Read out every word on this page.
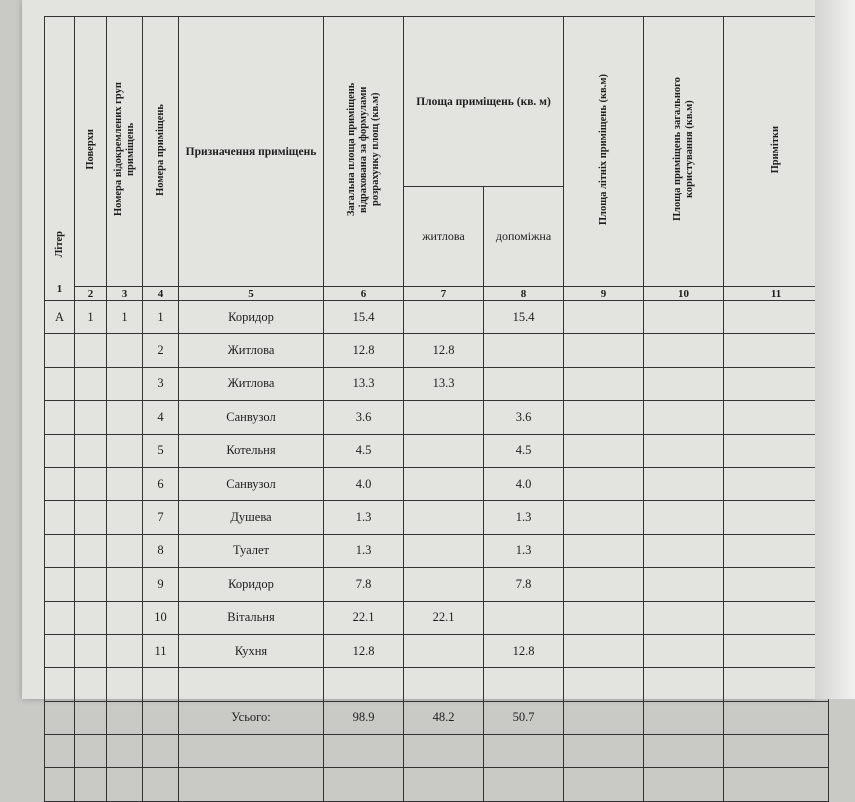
Літер
1	Поверхи	Номера відокремлених груп приміщень	Номера приміщень	Призначення приміщень	Загальна площа приміщень відрахована за формулами розрахунку площ (кв.м)	Площа приміщень (кв. м)		Площа літніх приміщень (кв.м)	Площа приміщень загального користування (кв.м)	Примітки
						житлова	допоміжна			
	2	3	4	5	6	7	8	9	10	11
А	1	1	1	Коридор	15.4		15.4			
			2	Житлова	12.8	12.8				
			3	Житлова	13.3	13.3				
			4	Санвузол	3.6		3.6			
			5	Котельня	4.5		4.5			
			6	Санвузол	4.0		4.0			
			7	Душева	1.3		1.3			
			8	Туалет	1.3		1.3			
			9	Коридор	7.8		7.8			
			10	Вітальня	22.1	22.1				
			11	Кухня	12.8		12.8			

				Усього:	98.9	48.2	50.7			
